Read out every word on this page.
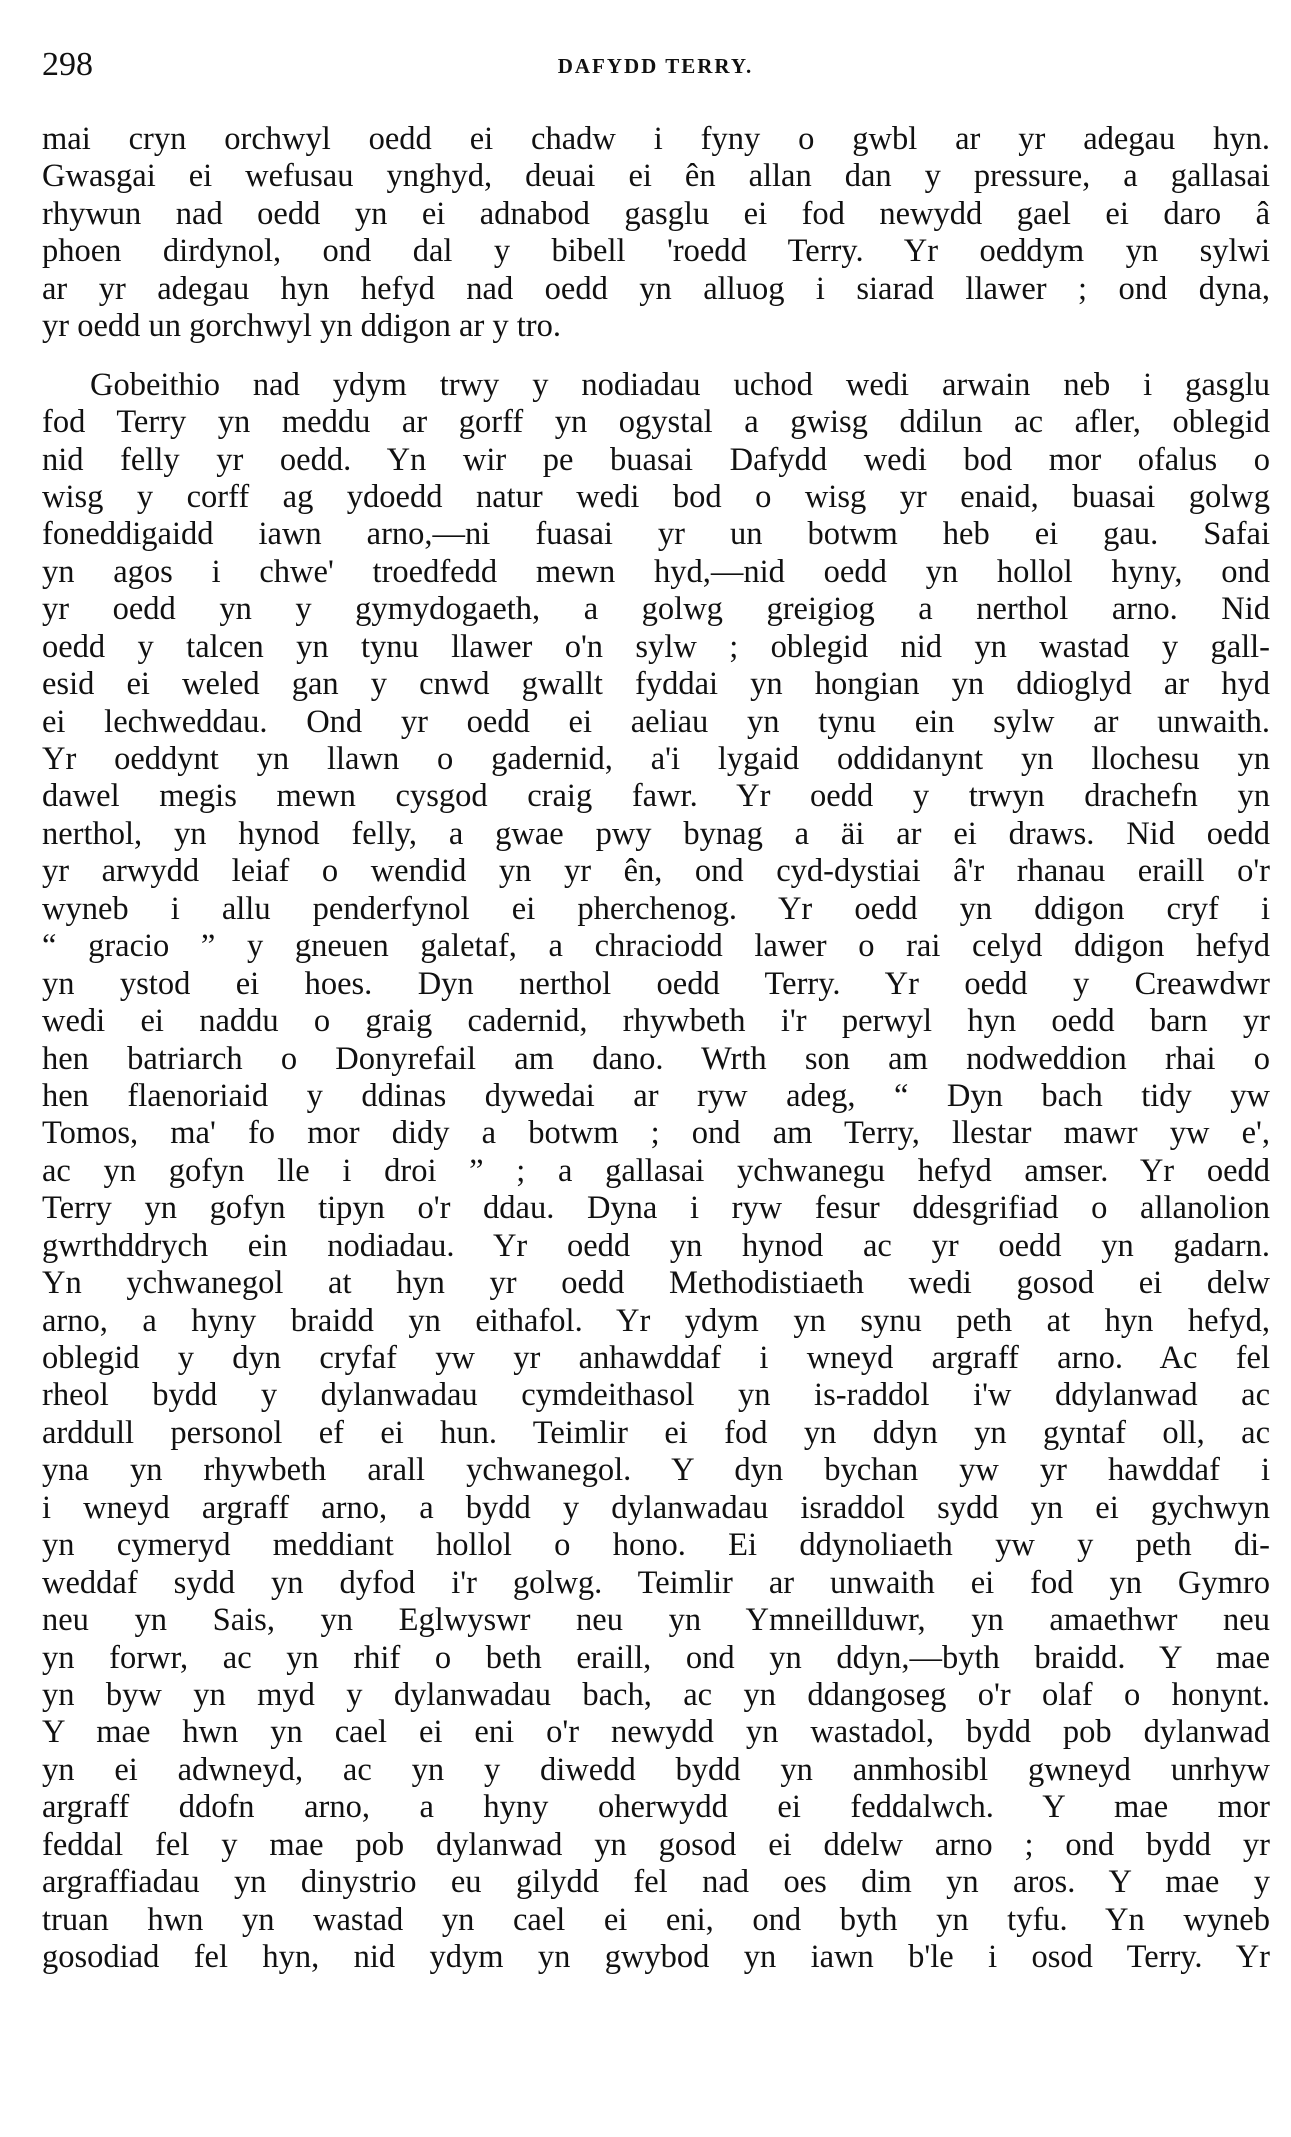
298	DAFYDD TERRY.
mai cryn orchwyl oedd ei chadw i fyny o gwbl ar yr adegau hyn.
Gwasgai ei wefusau ynghyd, deuai ei ên allan dan y pressure, a gallasai
rhywun nad oedd yn ei adnabod gasglu ei fod newydd gael ei daro â
phoen dirdynol, ond dal y bibell 'roedd Terry. Yr oeddym yn sylwi
ar yr adegau hyn hefyd nad oedd yn alluog i siarad llawer ; ond dyna,
yr oedd un gorchwyl yn ddigon ar y tro.
Gobeithio nad ydym trwy y nodiadau uchod wedi arwain neb i gasglu
fod Terry yn meddu ar gorff yn ogystal a gwisg ddilun ac afler, oblegid
nid felly yr oedd. Yn wir pe buasai Dafydd wedi bod mor ofalus o
wisg y corff ag ydoedd natur wedi bod o wisg yr enaid, buasai golwg
foneddigaidd iawn arno,—ni fuasai yr un botwm heb ei gau. Safai
yn agos i chwe' troedfedd mewn hyd,—nid oedd yn hollol hyny, ond
yr oedd yn y gymydogaeth, a golwg greigiog a nerthol arno. Nid
oedd y talcen yn tynu llawer o'n sylw ; oblegid nid yn wastad y gall-
esid ei weled gan y cnwd gwallt fyddai yn hongian yn ddioglyd ar hyd
ei lechweddau. Ond yr oedd ei aeliau yn tynu ein sylw ar unwaith.
Yr oeddynt yn llawn o gadernid, a'i lygaid oddidanynt yn llochesu yn
dawel megis mewn cysgod craig fawr. Yr oedd y trwyn drachefn yn
nerthol, yn hynod felly, a gwae pwy bynag a äi ar ei draws. Nid oedd
yr arwydd leiaf o wendid yn yr ên, ond cyd-dystiai â'r rhanau eraill o'r
wyneb i allu penderfynol ei pherchenog. Yr oedd yn ddigon cryf i
“ gracio ” y gneuen galetaf, a chraciodd lawer o rai celyd ddigon hefyd
yn ystod ei hoes. Dyn nerthol oedd Terry. Yr oedd y Creawdwr
wedi ei naddu o graig cadernid, rhywbeth i'r perwyl hyn oedd barn yr
hen batriarch o Donyrefail am dano. Wrth son am nodweddion rhai o
hen flaenoriaid y ddinas dywedai ar ryw adeg, “ Dyn bach tidy yw
Tomos, ma' fo mor didy a botwm ; ond am Terry, llestar mawr yw e',
ac yn gofyn lle i droi ” ; a gallasai ychwanegu hefyd amser. Yr oedd
Terry yn gofyn tipyn o'r ddau. Dyna i ryw fesur ddesgrifiad o allanolion
gwrthddrych ein nodiadau. Yr oedd yn hynod ac yr oedd yn gadarn.
Yn ychwanegol at hyn yr oedd Methodistiaeth wedi gosod ei delw
arno, a hyny braidd yn eithafol. Yr ydym yn synu peth at hyn hefyd,
oblegid y dyn cryfaf yw yr anhawddaf i wneyd argraff arno. Ac fel
rheol bydd y dylanwadau cymdeithasol yn is-raddol i'w ddylanwad ac
arddull personol ef ei hun. Teimlir ei fod yn ddyn yn gyntaf oll, ac
yna yn rhywbeth arall ychwanegol. Y dyn bychan yw yr hawddaf i
i wneyd argraff arno, a bydd y dylanwadau israddol sydd yn ei gychwyn
yn cymeryd meddiant hollol o hono. Ei ddynoliaeth yw y peth di-
weddaf sydd yn dyfod i'r golwg. Teimlir ar unwaith ei fod yn Gymro
neu yn Sais, yn Eglwyswr neu yn Ymneillduwr, yn amaethwr neu
yn forwr, ac yn rhif o beth eraill, ond yn ddyn,—byth braidd. Y mae
yn byw yn myd y dylanwadau bach, ac yn ddangoseg o'r olaf o honynt.
Y mae hwn yn cael ei eni o'r newydd yn wastadol, bydd pob dylanwad
yn ei adwneyd, ac yn y diwedd bydd yn anmhosibl gwneyd unrhyw
argraff ddofn arno, a hyny oherwydd ei feddalwch. Y mae mor
feddal fel y mae pob dylanwad yn gosod ei ddelw arno ; ond bydd yr
argraffiadau yn dinystrio eu gilydd fel nad oes dim yn aros. Y mae y
truan hwn yn wastad yn cael ei eni, ond byth yn tyfu. Yn wyneb
gosodiad fel hyn, nid ydym yn gwybod yn iawn b'le i osod Terry. Yr
